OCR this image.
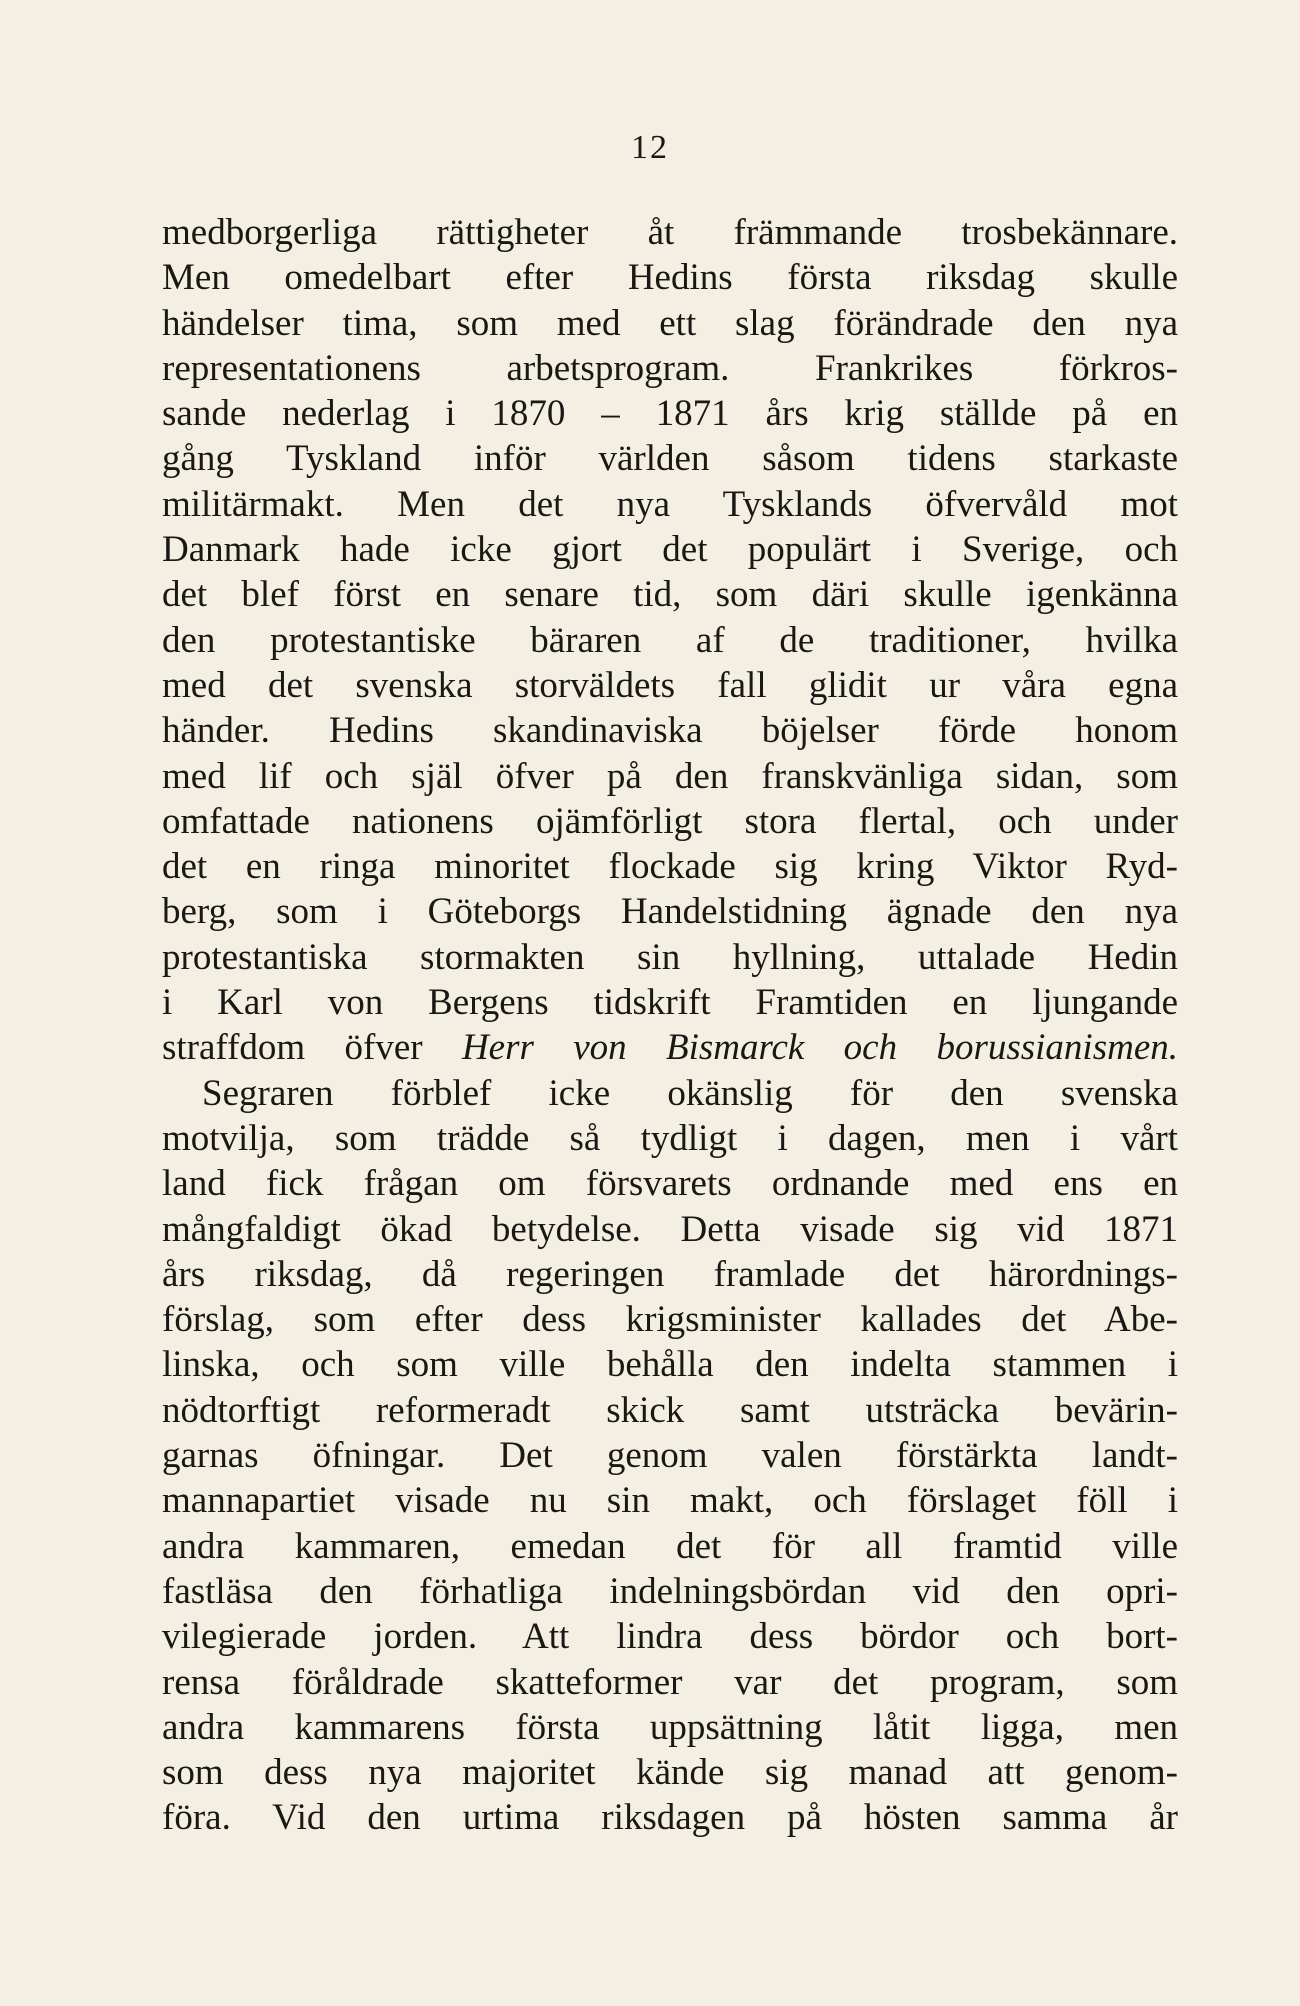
12
medborgerliga rättigheter åt främmande trosbekännare.
Men omedelbart efter Hedins första riksdag skulle
händelser tima, som med ett slag förändrade den nya
representationens arbetsprogram. Frankrikes förkros-
sande nederlag i 1870 – 1871 års krig ställde på en
gång Tyskland inför världen såsom tidens starkaste
militärmakt. Men det nya Tysklands öfvervåld mot
Danmark hade icke gjort det populärt i Sverige, och
det blef först en senare tid, som däri skulle igenkänna
den protestantiske bäraren af de traditioner, hvilka
med det svenska storväldets fall glidit ur våra egna
händer. Hedins skandinaviska böjelser förde honom
med lif och själ öfver på den franskvänliga sidan, som
omfattade nationens ojämförligt stora flertal, och under
det en ringa minoritet flockade sig kring Viktor Ryd-
berg, som i Göteborgs Handelstidning ägnade den nya
protestantiska stormakten sin hyllning, uttalade Hedin
i Karl von Bergens tidskrift Framtiden en ljungande
straffdom öfver Herr von Bismarck och borussianismen.
Segraren förblef icke okänslig för den svenska
motvilja, som trädde så tydligt i dagen, men i vårt
land fick frågan om försvarets ordnande med ens en
mångfaldigt ökad betydelse. Detta visade sig vid 1871
års riksdag, då regeringen framlade det härordnings-
förslag, som efter dess krigsminister kallades det Abe-
linska, och som ville behålla den indelta stammen i
nödtorftigt reformeradt skick samt utsträcka bevärin-
garnas öfningar. Det genom valen förstärkta landt-
mannapartiet visade nu sin makt, och förslaget föll i
andra kammaren, emedan det för all framtid ville
fastläsa den förhatliga indelningsbördan vid den opri-
vilegierade jorden. Att lindra dess bördor och bort-
rensa föråldrade skatteformer var det program, som
andra kammarens första uppsättning låtit ligga, men
som dess nya majoritet kände sig manad att genom-
föra. Vid den urtima riksdagen på hösten samma år
